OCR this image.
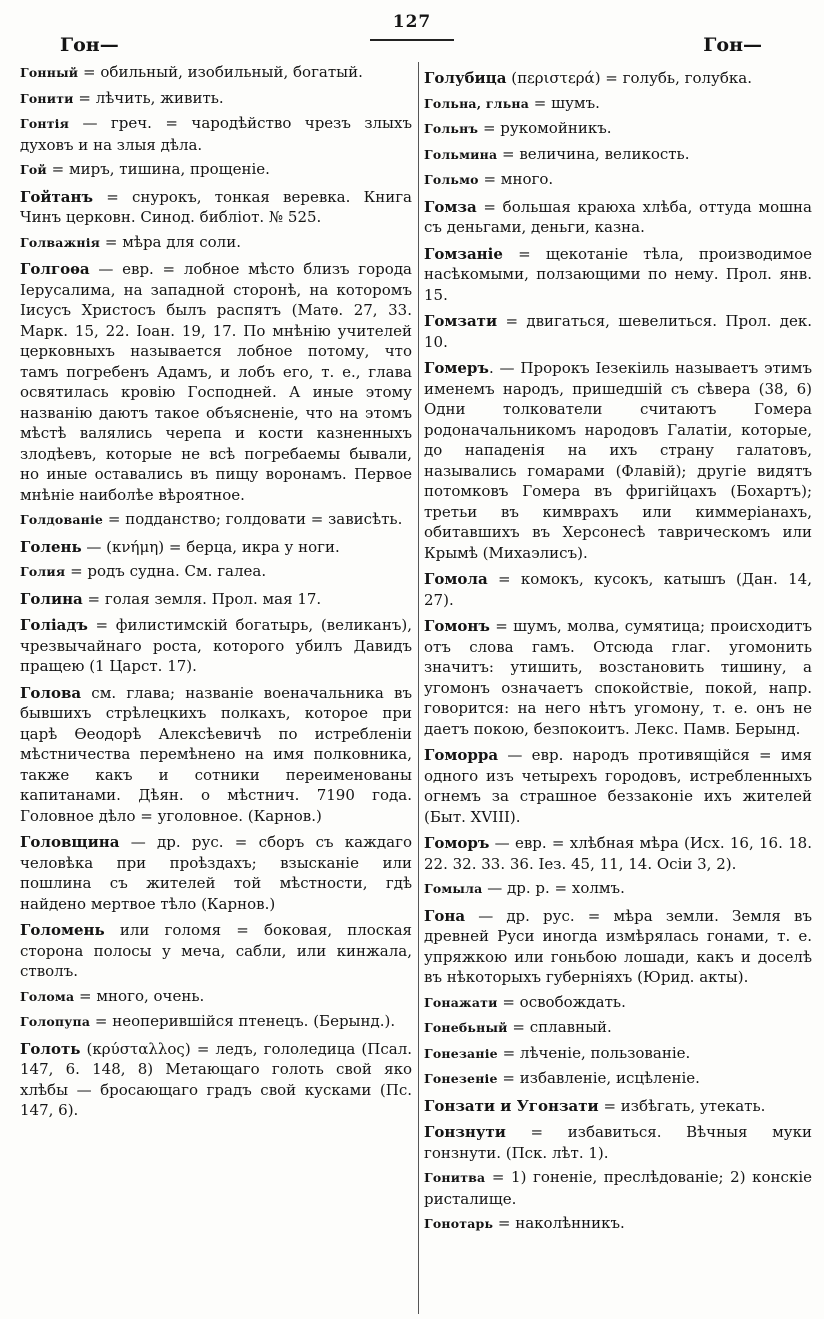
127
Гон—	Гон—

Гонный = обильный, изобильный, богатый.

Гонити = лѣчить, живить.

Гонтія — греч. = чародѣйство чрезъ злыхъ духовъ и на злыя дѣла.

Гой = миръ, тишина, прощеніе.

Гойтанъ = снурокъ, тонкая веревка. Книга Чинъ церковн. Синод. библіот. № 525.

Голважнія = мѣра для соли.

Голгоѳа — евр. = лобное мѣсто близъ города Іерусалима, на западной сторонѣ, на которомъ Іисусъ Христосъ былъ распятъ (Матѳ. 27, 33. Марк. 15, 22. Іоан. 19, 17. По мнѣнію учителей церковныхъ называется лобное потому, что тамъ погребенъ Адамъ, и лобъ его, т. е., глава освятилась кровію Господней. А иные этому названію даютъ такое объясненіе, что на этомъ мѣстѣ валялись черепа и кости казненныхъ злодѣевъ, которые не всѣ погребаемы бывали, но иные оставались въ пищу воронамъ. Первое мнѣніе наиболѣе вѣроятное.

Голдованіе = подданство; голдовати = зависѣть.

Голень — (κνήμη) = берца, икра у ноги.

Голия = родъ судна. См. галеа.

Голина = голая земля. Прол. мая 17.

Голіадъ = филистимскій богатырь, (великанъ), чрезвычайнаго роста, которого убилъ Давидъ пращею (1 Царст. 17).

Голова см. глава; названіе военачальника въ бывшихъ стрѣлецкихъ полкахъ, которое при царѣ Ѳеодорѣ Алексѣевичѣ по истребленіи мѣстничества перемѣнено на имя полковника, также какъ и сотники переименованы капитанами. Дѣян. о мѣстнич. 7190 года. Головное дѣло = уголовное. (Карнов.)

Головщина — др. рус. = сборъ съ каждаго человѣка при проѣздахъ; взысканіе или пошлина съ жителей той мѣстности, гдѣ найдено мертвое тѣло (Карнов.)

Голомень или голомя = боковая, плоская сторона полосы у меча, сабли, или кинжала, стволъ.

Голома = много, очень.

Голопупа = неоперившійся птенецъ. (Берынд.).

Голоть (κρύσταλλος) = ледъ, гололедица (Псал. 147, 6. 148, 8) Метающаго голоть свой яко хлѣбы — бросающаго градъ свой кусками (Пс. 147, 6).

Голубица (περιστερά) = голубь, голубка.

Гольна, гльна = шумъ.

Гольнъ = рукомойникъ.

Гольмина = величина, великость.

Гольмо = много.

Гомза = большая краюха хлѣба, оттуда мошна съ деньгами, деньги, казна.

Гомзаніе = щекотаніе тѣла, производимое насѣкомыми, ползающими по нему. Прол. янв. 15.

Гомзати = двигаться, шевелиться. Прол. дек. 10.

Гомеръ. — Пророкъ Іезекіиль называетъ этимъ именемъ народъ, пришедшій съ сѣвера (38, 6) Одни толкователи считаютъ Гомера родоначальникомъ народовъ Галатіи, которые, до нападенія на ихъ страну галатовъ, назывались гомарами (Флавій); другіе видятъ потомковъ Гомера въ фригійцахъ (Бохартъ); третьи въ кимврахъ или киммеріанахъ, обитавшихъ въ Херсонесѣ таврическомъ или Крымѣ (Михаэлисъ).

Гомола = комокъ, кусокъ, катышъ (Дан. 14, 27).

Гомонъ = шумъ, молва, сумятица; происходитъ отъ слова гамъ. Отсюда глаг. угомонить значитъ: утишить, возстановить тишину, а угомонъ означаетъ спокойствіе, покой, напр. говорится: на него нѣтъ угомону, т. е. онъ не даетъ покою, безпокоитъ. Лекс. Памв. Берынд.

Гоморра — евр. народъ противящійся = имя одного изъ четырехъ городовъ, истребленныхъ огнемъ за страшное беззаконіе ихъ жителей (Быт. XVIII).

Гоморъ — евр. = хлѣбная мѣра (Исх. 16, 16. 18. 22. 32. 33. 36. Іез. 45, 11, 14. Осіи 3, 2).

Гомыла — др. р. = холмъ.

Гона — др. рус. = мѣра земли. Земля въ древней Руси иногда измѣрялась гонами, т. е. упряжкою или гоньбою лошади, какъ и доселѣ въ нѣкоторыхъ губерніяхъ (Юрид. акты).

Гонажати = освобождать.

Гонебьный = сплавный.

Гонезаніе = лѣченіе, пользованіе.

Гонезеніе = избавленіе, исцѣленіе.

Гонзати и Угонзати = избѣгать, утекать.

Гонзнути = избавиться. Вѣчныя муки гонзнути. (Пск. лѣт. 1).

Гонитва = 1) гоненіе, преслѣдованіе; 2) конскіе ристалище.

Гонотарь = наколѣнникъ.
